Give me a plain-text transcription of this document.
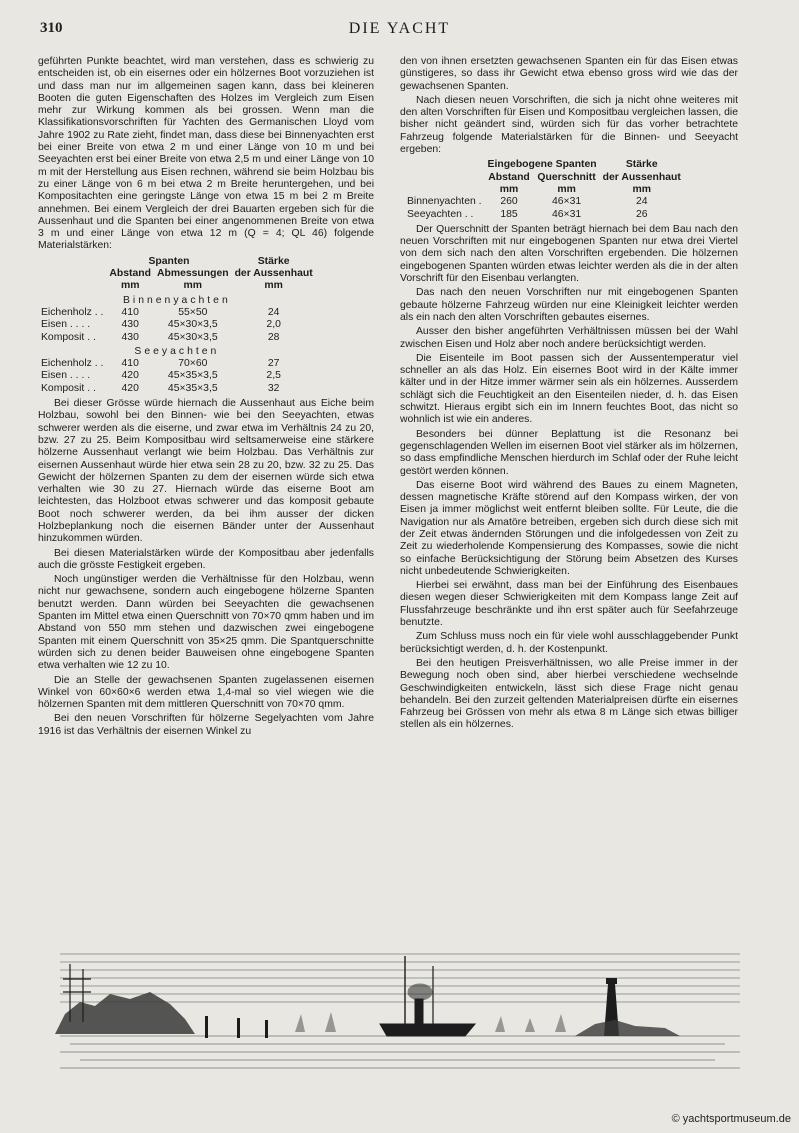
310	DIE YACHT

geführten Punkte beachtet, wird man verstehen, dass es schwierig zu entscheiden ist, ob ein eisernes oder ein hölzernes Boot vorzuziehen ist und dass man nur im allgemeinen sagen kann, dass bei kleineren Booten die guten Eigenschaften des Holzes im Vergleich zum Eisen mehr zur Wirkung kommen als bei grossen. Wenn man die Klassifikationsvorschriften für Yachten des Germanischen Lloyd vom Jahre 1902 zu Rate zieht, findet man, dass diese bei Binnenyachten erst bei einer Breite von etwa 2 m und einer Länge von 10 m und bei Seeyachten erst bei einer Breite von etwa 2,5 m und einer Länge von 10 m mit der Herstellung aus Eisen rechnen, während sie beim Holzbau bis zu einer Länge von 6 m bei etwa 2 m Breite heruntergehen, und bei Kompositachten eine geringste Länge von etwa 15 m bei 2 m Breite annehmen. Bei einem Vergleich der drei Bauarten ergeben sich für die Aussenhaut und die Spanten bei einer angenommenen Breite von etwa 3 m und einer Länge von etwa 12 m (Q = 4; QL 46) folgende Materialstärken:

	Spanten		Stärke
	Abstand	Abmessungen	der Aussenhaut
	mm	mm	mm
Binnenyachten			
Eichenholz . .	410	55×50	24
Eisen . . . .	430	45×30×3,5	2,0
Komposit . .	430	45×30×3,5	28
Seeyachten			
Eichenholz . .	410	70×60	27
Eisen . . . .	420	45×35×3,5	2,5
Komposit . .	420	45×35×3,5	32

Bei dieser Grösse würde hiernach die Aussenhaut aus Eiche beim Holzbau, sowohl bei den Binnen- wie bei den Seeyachten, etwas schwerer werden als die eiserne, und zwar etwa im Verhältnis 24 zu 20, bzw. 27 zu 25. Beim Kompositbau wird seltsamerweise eine stärkere hölzerne Aussenhaut verlangt wie beim Holzbau. Das Verhältnis zur eisernen Aussenhaut würde hier etwa sein 28 zu 20, bzw. 32 zu 25. Das Gewicht der hölzernen Spanten zu dem der eisernen würde sich etwa verhalten wie 30 zu 27. Hiernach würde das eiserne Boot am leichtesten, das Holzboot etwas schwerer und das komposit gebaute Boot noch schwerer werden, da bei ihm ausser der dicken Holzbeplankung noch die eisernen Bänder unter der Aussenhaut hinzukommen würden.

Bei diesen Materialstärken würde der Kompositbau aber jedenfalls auch die grösste Festigkeit ergeben.

Noch ungünstiger werden die Verhältnisse für den Holzbau, wenn nicht nur gewachsene, sondern auch eingebogene hölzerne Spanten benutzt werden. Dann würden bei Seeyachten die gewachsenen Spanten im Mittel etwa einen Querschnitt von 70×70 qmm haben und im Abstand von 550 mm stehen und dazwischen zwei eingebogene Spanten mit einem Querschnitt von 35×25 qmm. Die Spantquerschnitte würden sich zu denen beider Bauweisen ohne eingebogene Spanten etwa verhalten wie 12 zu 10.

Die an Stelle der gewachsenen Spanten zugelassenen eisernen Winkel von 60×60×6 werden etwa 1,4-mal so viel wiegen wie die hölzernen Spanten mit dem mittleren Querschnitt von 70×70 qmm.

Bei den neuen Vorschriften für hölzerne Segelyachten vom Jahre 1916 ist das Verhältnis der eisernen Winkel zu

den von ihnen ersetzten gewachsenen Spanten ein für das Eisen etwas günstigeres, so dass ihr Gewicht etwa ebenso gross wird wie das der gewachsenen Spanten.

Nach diesen neuen Vorschriften, die sich ja nicht ohne weiteres mit den alten Vorschriften für Eisen und Kompositbau vergleichen lassen, die bisher nicht geändert sind, würden sich für das vorher betrachtete Fahrzeug folgende Materialstärken für die Binnen- und Seeyacht ergeben:

	Eingebogene Spanten		Stärke
	Abstand	Querschnitt	der Aussenhaut
	mm	mm	mm
Binnenyachten .	260	46×31	24
Seeyachten . .	185	46×31	26

Der Querschnitt der Spanten beträgt hiernach bei dem Bau nach den neuen Vorschriften mit nur eingebogenen Spanten nur etwa drei Viertel von dem sich nach den alten Vorschriften ergebenden. Die hölzernen eingebogenen Spanten würden etwas leichter werden als die in der alten Vorschrift für den Eisenbau verlangten.

Das nach den neuen Vorschriften nur mit eingebogenen Spanten gebaute hölzerne Fahrzeug würden nur eine Kleinigkeit leichter werden als ein nach den alten Vorschriften gebautes eisernes.

Ausser den bisher angeführten Verhältnissen müssen bei der Wahl zwischen Eisen und Holz aber noch andere berücksichtigt werden.

Die Eisenteile im Boot passen sich der Aussentemperatur viel schneller an als das Holz. Ein eisernes Boot wird in der Kälte immer kälter und in der Hitze immer wärmer sein als ein hölzernes. Ausserdem schlägt sich die Feuchtigkeit an den Eisenteilen nieder, d. h. das Eisen schwitzt. Hieraus ergibt sich ein im Innern feuchtes Boot, das nicht so wohnlich ist wie ein anderes.

Besonders bei dünner Beplattung ist die Resonanz bei gegenschlagenden Wellen im eisernen Boot viel stärker als im hölzernen, so dass empfindliche Menschen hierdurch im Schlaf oder der Ruhe leicht gestört werden können.

Das eiserne Boot wird während des Baues zu einem Magneten, dessen magnetische Kräfte störend auf den Kompass wirken, der von Eisen ja immer möglichst weit entfernt bleiben sollte. Für Leute, die die Navigation nur als Amatöre betreiben, ergeben sich durch diese sich mit der Zeit etwas ändernden Störungen und die infolgedessen von Zeit zu Zeit zu wiederholende Kompensierung des Kompasses, sowie die nicht so einfache Berücksichtigung der Störung beim Absetzen des Kurses nicht unbedeutende Schwierigkeiten.

Hierbei sei erwähnt, dass man bei der Einführung des Eisenbaues diesen wegen dieser Schwierigkeiten mit dem Kompass lange Zeit auf Flussfahrzeuge beschränkte und ihn erst später auch für Seefahrzeuge benutzte.

Zum Schluss muss noch ein für viele wohl ausschlaggebender Punkt berücksichtigt werden, d. h. der Kostenpunkt.

Bei den heutigen Preisverhältnissen, wo alle Preise immer in der Bewegung noch oben sind, aber hierbei verschiedene wechselnde Geschwindigkeiten entwickeln, lässt sich diese Frage nicht genau behandeln. Bei den zurzeit geltenden Materialpreisen dürfte ein eisernes Fahrzeug bei Grössen von mehr als etwa 8 m Länge sich etwas billiger stellen als ein hölzernes.

© yachtsportmuseum.de
